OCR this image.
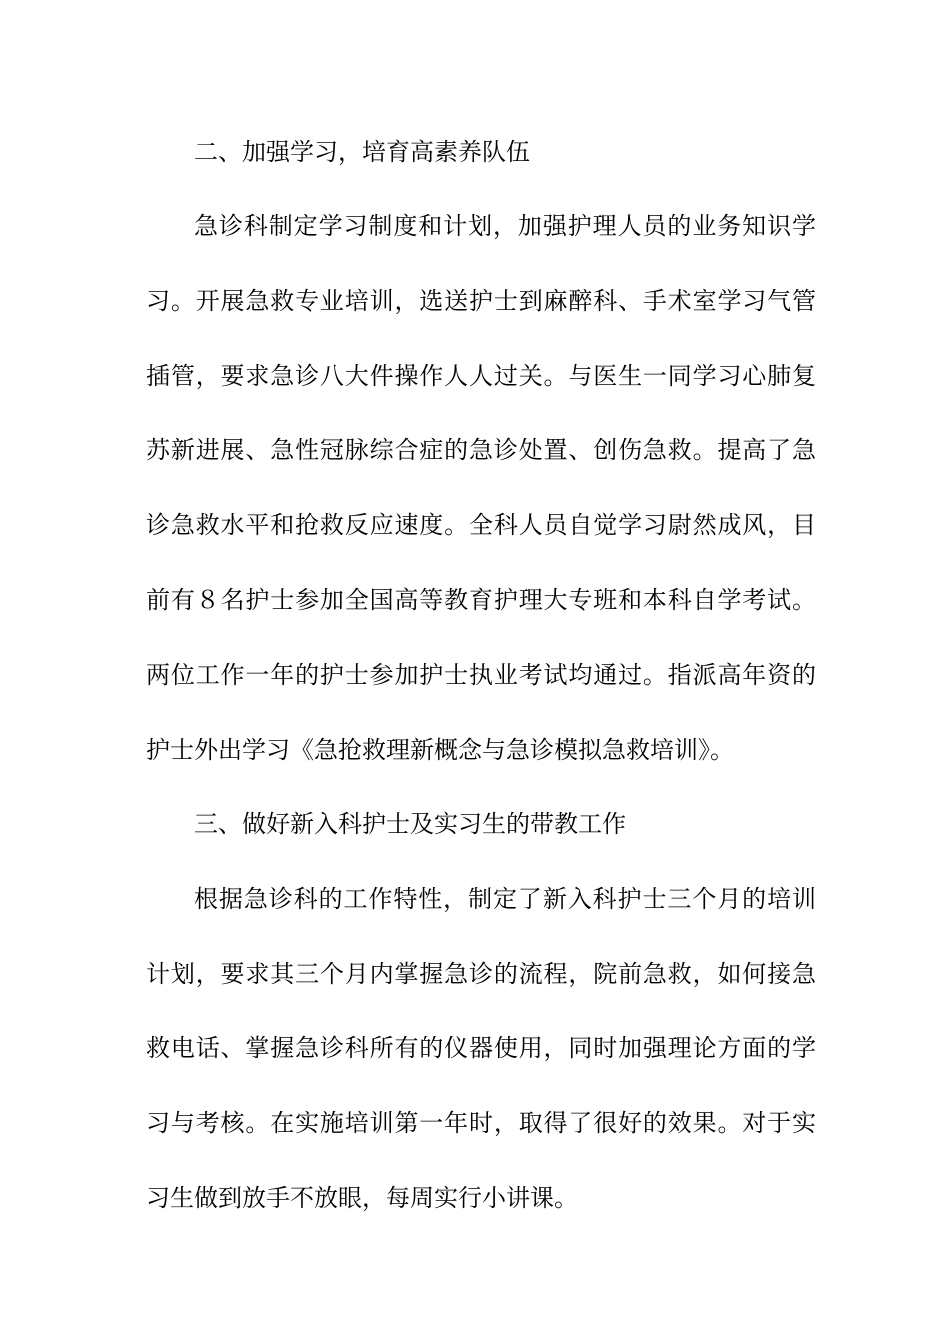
二、加强学习，培育高素养队伍
急诊科制定学习制度和计划，加强护理人员的业务知识学
习。开展急救专业培训，选送护士到麻醉科、手术室学习气管
插管，要求急诊八大件操作人人过关。与医生一同学习心肺复
苏新进展、急性冠脉综合症的急诊处置、创伤急救。提高了急
诊急救水平和抢救反应速度。全科人员自觉学习尉然成风，目
前有８名护士参加全国高等教育护理大专班和本科自学考试。
两位工作一年的护士参加护士执业考试均通过。指派高年资的
护士外出学习《急抢救理新概念与急诊模拟急救培训》。
三、做好新入科护士及实习生的带教工作
根据急诊科的工作特性，制定了新入科护士三个月的培训
计划，要求其三个月内掌握急诊的流程，院前急救，如何接急
救电话、掌握急诊科所有的仪器使用，同时加强理论方面的学
习与考核。在实施培训第一年时，取得了很好的效果。对于实
习生做到放手不放眼，每周实行小讲课。
